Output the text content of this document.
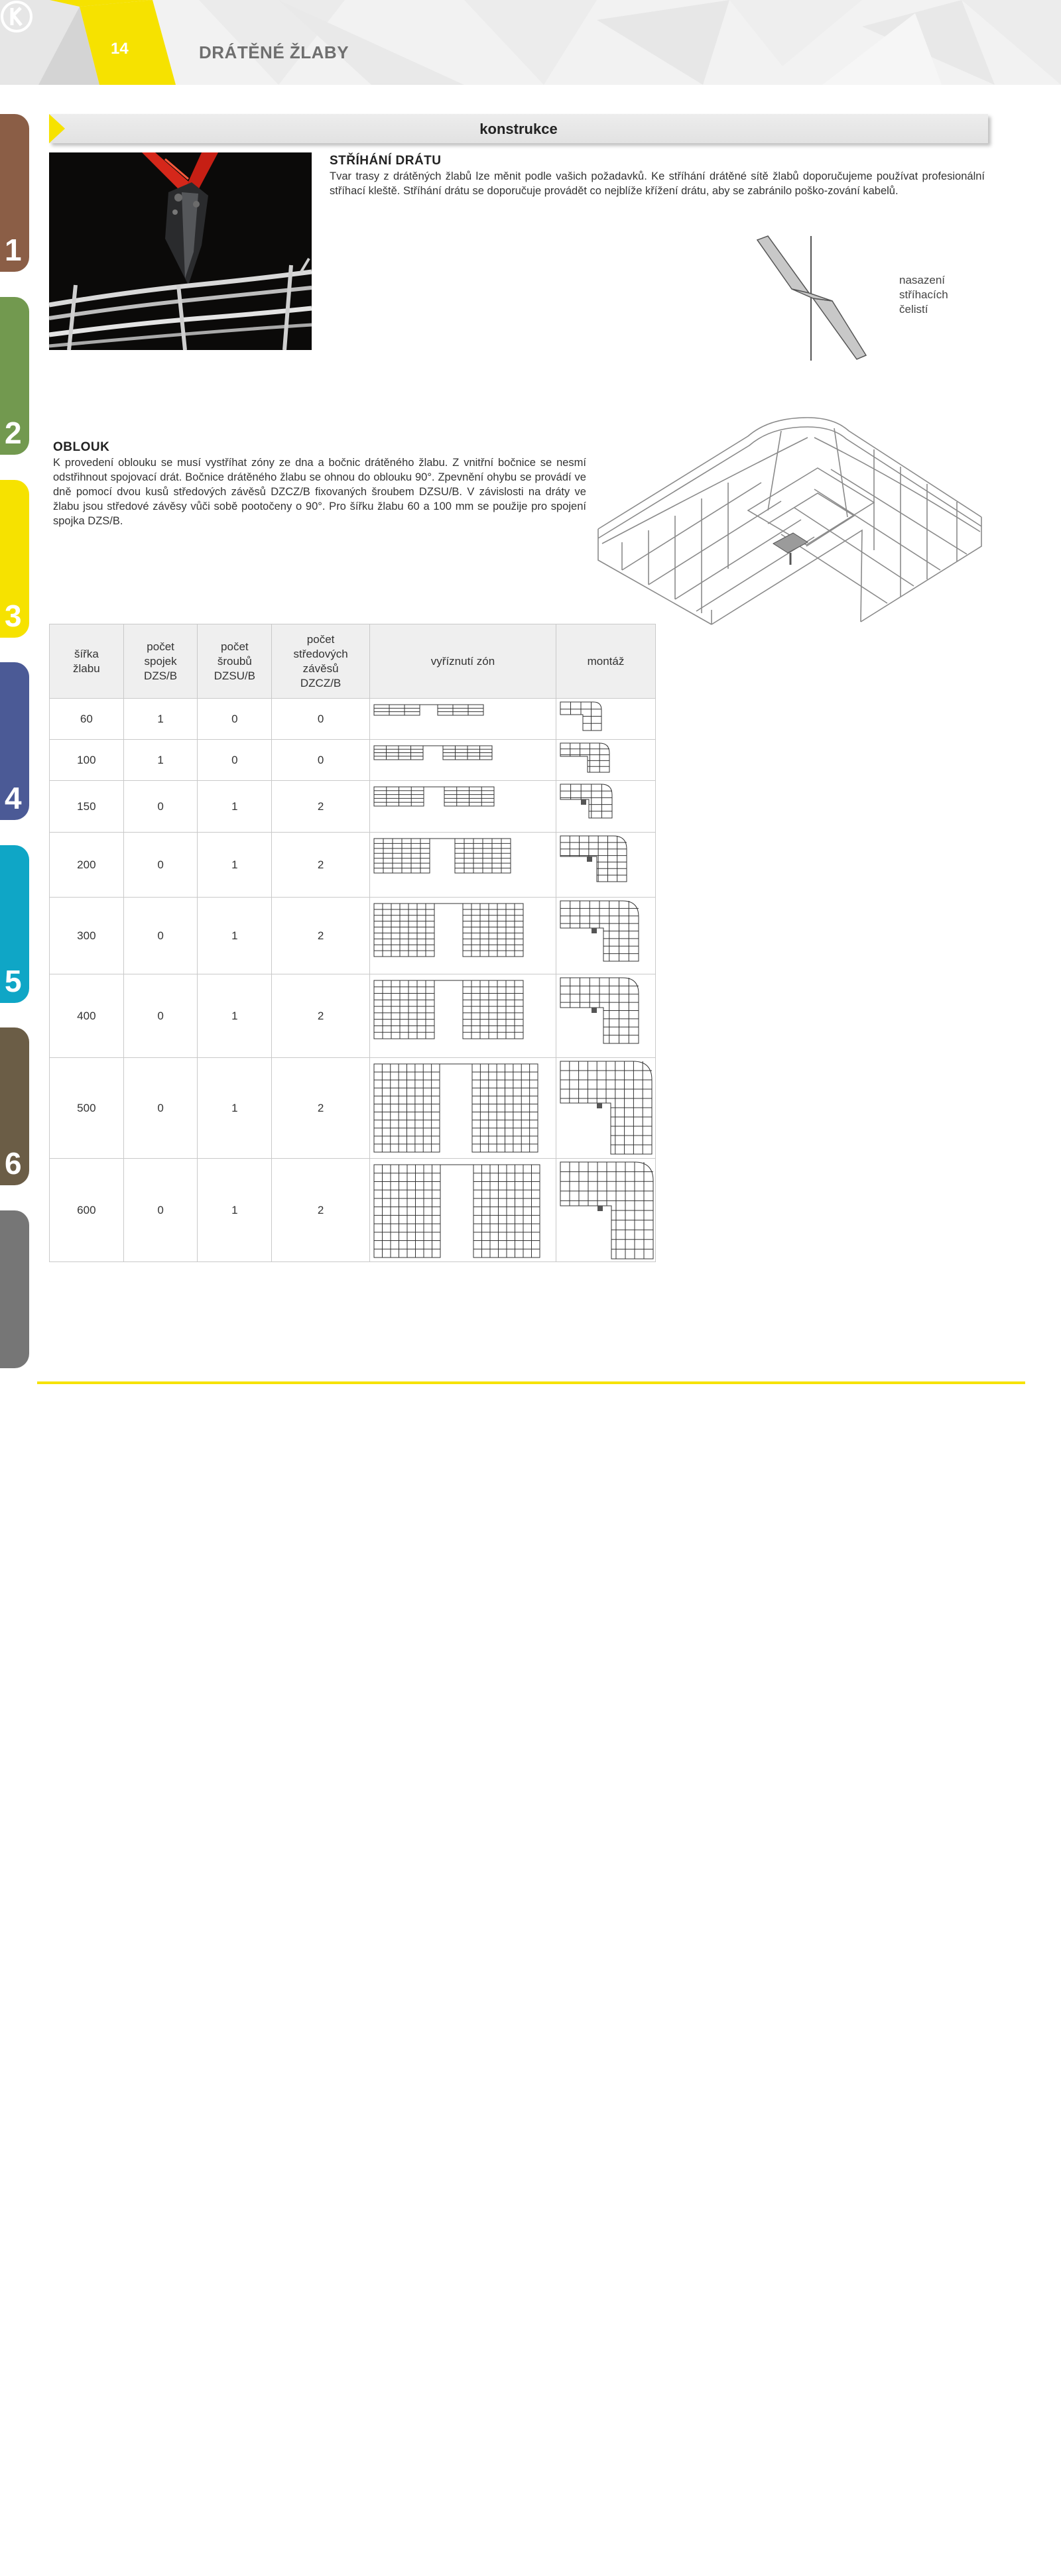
14	DRÁTĚNÉ ŽLABY
1
2
3
4
5
6
rejstřík
konstrukce
STŘÍHÁNÍ DRÁTU
Tvar trasy z drátěných žlabů lze měnit podle vašich požadavků. Ke stříhání drátěné sítě žlabů doporučujeme používat profesionální stříhací kleště. Stříhání drátu se doporučuje provádět co nejblíže křížení drátu, aby se zabránilo poško-zování kabelů.
nasazení
stříhacích
čelistí
OBLOUK
K provedení oblouku se musí vystříhat zóny ze dna a bočnic drátěného žlabu. Z vnitřní bočnice se nesmí odstřihnout spojovací drát. Bočnice drátěného žlabu se ohnou do oblouku 90°. Zpevnění ohybu se provádí ve dně pomocí dvou kusů středových závěsů DZCZ/B fixovaných šroubem DZSU/B. V závislosti na dráty ve žlabu jsou středové závěsy vůči sobě pootočeny o 90°. Pro šířku žlabu 60 a 100 mm se použije pro spojení spojka DZS/B.
šířka žlabu	počet spojek DZS/B	počet šroubů DZSU/B	počet středových závěsů DZCZ/B	vyříznutí zón	montáž
60	1	0	0	

100	1	0	0	

150	0	1	2	

200	0	1	2	

300	0	1	2	

400	0	1	2	

500	0	1	2	

600	0	1	2	
